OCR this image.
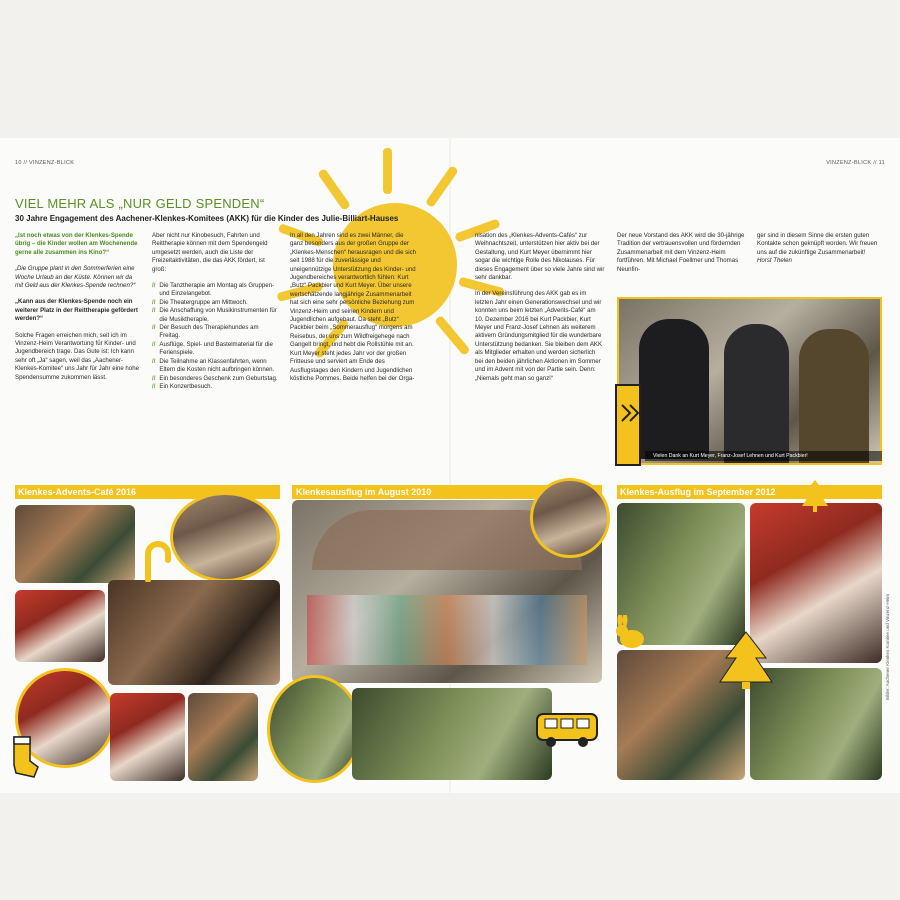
10 // VINZENZ-BLICK	VINZENZ-BLICK // 11
VIEL MEHR ALS „NUR GELD SPENDEN“
30 Jahre Engagement des Aachener-Klenkes-Komitees (AKK) für die Kinder des Julie-Billiart-Hauses

„Ist noch etwas von der Klenkes-Spende übrig – die Kinder wollen am Wochenende gerne alle zusammen ins Kino?“

„Die Gruppe plant in den Sommerferien eine Woche Urlaub an der Küste. Können wir da mit Geld aus der Klenkes-Spende rechnen?“

„Kann aus der Klenkes-Spende noch ein weiterer Platz in der Reittherapie gefördert werden?“

Solche Fragen erreichen mich, seit ich im Vinzenz-Heim Verantwortung für Kinder- und Jugendbereich trage. Das Gute ist: Ich kann sehr oft „Ja“ sagen, weil das „Aachener-Klenkes-Komitee“ uns Jahr für Jahr eine hohe Spendensumme zukommen lässt.

Aber nicht nur Kinobesuch, Fahrten und Reittherapie können mit dem Spendengeld umgesetzt werden, auch die Liste der Freizeitaktivitäten, die das AKK fördert, ist groß:

// Die Tanztherapie am Montag als Gruppen- und Einzelangebot.
// Die Theatergruppe am Mittwoch.
// Die Anschaffung von Musikinstrumenten für die Musiktherapie.
// Der Besuch des Therapiehundes am Freitag.
// Ausflüge, Spiel- und Bastelmaterial für die Ferienspiele.
// Die Teilnahme an Klassenfahrten, wenn Eltern die Kosten nicht aufbringen können.
// Ein besonderes Geschenk zum Geburtstag.
// Ein Konzertbesuch.

In all den Jahren sind es zwei Männer, die ganz besonders aus der großen Gruppe der „Klenkes-Menschen“ herausragen und die sich seit 1988 für die zuverlässige und uneigennützige Unterstützung des Kinder- und Jugendbereiches verantwortlich fühlen: Kurt „Butz“ Packbier und Kurt Meyer. Über unsere wertschätzende langjährige Zusammenarbeit hat sich eine sehr persönliche Beziehung zum Vinzenz-Heim und seinen Kindern und Jugendlichen aufgebaut. Da steht „Butz“ Packbier beim „Sommerausflug“ morgens am Reisebus, der uns zum Wildfreigehege nach Gangelt bringt, und hebt die Rollstühle mit an. Kurt Meyer steht jedes Jahr vor der großen Fritteuse und serviert am Ende des Ausflugstages den Kindern und Jugendlichen köstliche Pommes. Beide helfen bei der Orga-

nisation des „Klenkes-Advents-Cafés“ zur Weihnachtszeit, unterstützen hier aktiv bei der Gestaltung, und Kurt Meyer übernimmt hier sogar die wichtige Rolle des Nikolauses. Für dieses Engagement über so viele Jahre sind wir sehr dankbar.

In der Vereinsführung des AKK gab es im letzten Jahr einen Generationswechsel und wir konnten uns beim letzten „Advents-Café“ am 10. Dezember 2016 bei Kurt Packbier, Kurt Meyer und Franz-Josef Lehnen als weiterem aktivem Gründungsmitglied für die wunderbare Unterstützung bedanken. Sie bleiben dem AKK als Mitglieder erhalten und werden sicherlich bei den beiden jährlichen Aktionen im Sommer und im Advent mit von der Partie sein. Denn: „Niemals geht man so ganz!“

Der neue Vorstand des AKK wird die 30-jährige Tradition der vertrauensvollen und fördernden Zusammenarbeit mit dem Vinzenz-Heim fortführen. Mit Michael Foellmer und Thomas Neunfin-

ger sind in diesem Sinne die ersten guten Kontakte schon geknüpft worden. Wir freuen uns auf die zukünftige Zusammenarbeit!
Horst Thelen

Vielen Dank an Kurt Meyer, Franz-Josef Lehnen und Kurt Packbier!
Klenkes-Advents-Café 2016	Klenkesausflug im August 2010	Klenkes-Ausflug im September 2012
Bilder: Aachener Klenkes Komitee und Vinzenz-Heim
